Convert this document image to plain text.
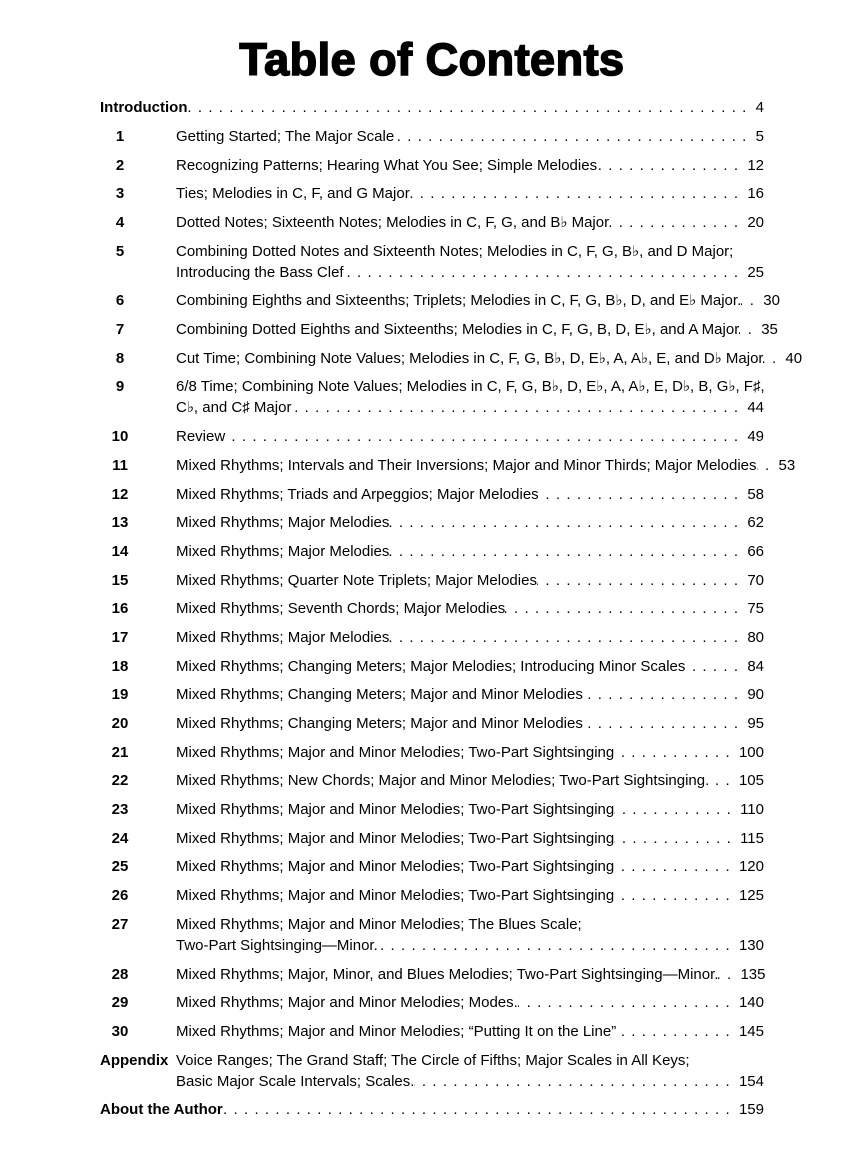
Table of Contents
Introduction .....	4
1	Getting Started; The Major Scale .....	5
2	Recognizing Patterns; Hearing What You See; Simple Melodies .....	12
3	Ties; Melodies in C, F, and G Major .....	16
4	Dotted Notes; Sixteenth Notes; Melodies in C, F, G, and B♭ Major .....	20
5	Combining Dotted Notes and Sixteenth Notes; Melodies in C, F, G, B♭, and D Major;
Introducing the Bass Clef .....	25
6	Combining Eighths and Sixteenths; Triplets; Melodies in C, F, G, B♭, D, and E♭ Major. ..... 30
7	Combining Dotted Eighths and Sixteenths; Melodies in C, F, G, B, D, E♭, and A Major ..... 35
8	Cut Time; Combining Note Values; Melodies in C, F, G, B♭, D, E♭, A, A♭, E, and D♭ Major ..... 40
9	6/8 Time; Combining Note Values; Melodies in C, F, G, B♭, D, E♭, A, A♭, E, D♭, B, G♭, F♯,
C♭, and C♯ Major .....	44
10	Review .....	49
11	Mixed Rhythms; Intervals and Their Inversions; Major and Minor Thirds; Major Melodies ..... 53
12	Mixed Rhythms; Triads and Arpeggios; Major Melodies .....	58
13	Mixed Rhythms; Major Melodies .....	62
14	Mixed Rhythms; Major Melodies .....	66
15	Mixed Rhythms; Quarter Note Triplets; Major Melodies .....	70
16	Mixed Rhythms; Seventh Chords; Major Melodies .....	75
17	Mixed Rhythms; Major Melodies .....	80
18	Mixed Rhythms; Changing Meters; Major Melodies; Introducing Minor Scales .....	84
19	Mixed Rhythms; Changing Meters; Major and Minor Melodies .....	90
20	Mixed Rhythms; Changing Meters; Major and Minor Melodies .....	95
21	Mixed Rhythms; Major and Minor Melodies; Two-Part Sightsinging .....	100
22	Mixed Rhythms; New Chords; Major and Minor Melodies; Two-Part Sightsinging. ..... 105
23	Mixed Rhythms; Major and Minor Melodies; Two-Part Sightsinging .....	110
24	Mixed Rhythms; Major and Minor Melodies; Two-Part Sightsinging .....	115
25	Mixed Rhythms; Major and Minor Melodies; Two-Part Sightsinging .....	120
26	Mixed Rhythms; Major and Minor Melodies; Two-Part Sightsinging .....	125
27	Mixed Rhythms; Major and Minor Melodies; The Blues Scale;
Two-Part Sightsinging—Minor. .....	130
28	Mixed Rhythms; Major, Minor, and Blues Melodies; Two-Part Sightsinging—Minor. ..... 135
29	Mixed Rhythms; Major and Minor Melodies; Modes. .....	140
30	Mixed Rhythms; Major and Minor Melodies; “Putting It on the Line” .....	145
Appendix Voice Ranges; The Grand Staff; The Circle of Fifths; Major Scales in All Keys;
Basic Major Scale Intervals; Scales. .....	154
About the Author .....	159
